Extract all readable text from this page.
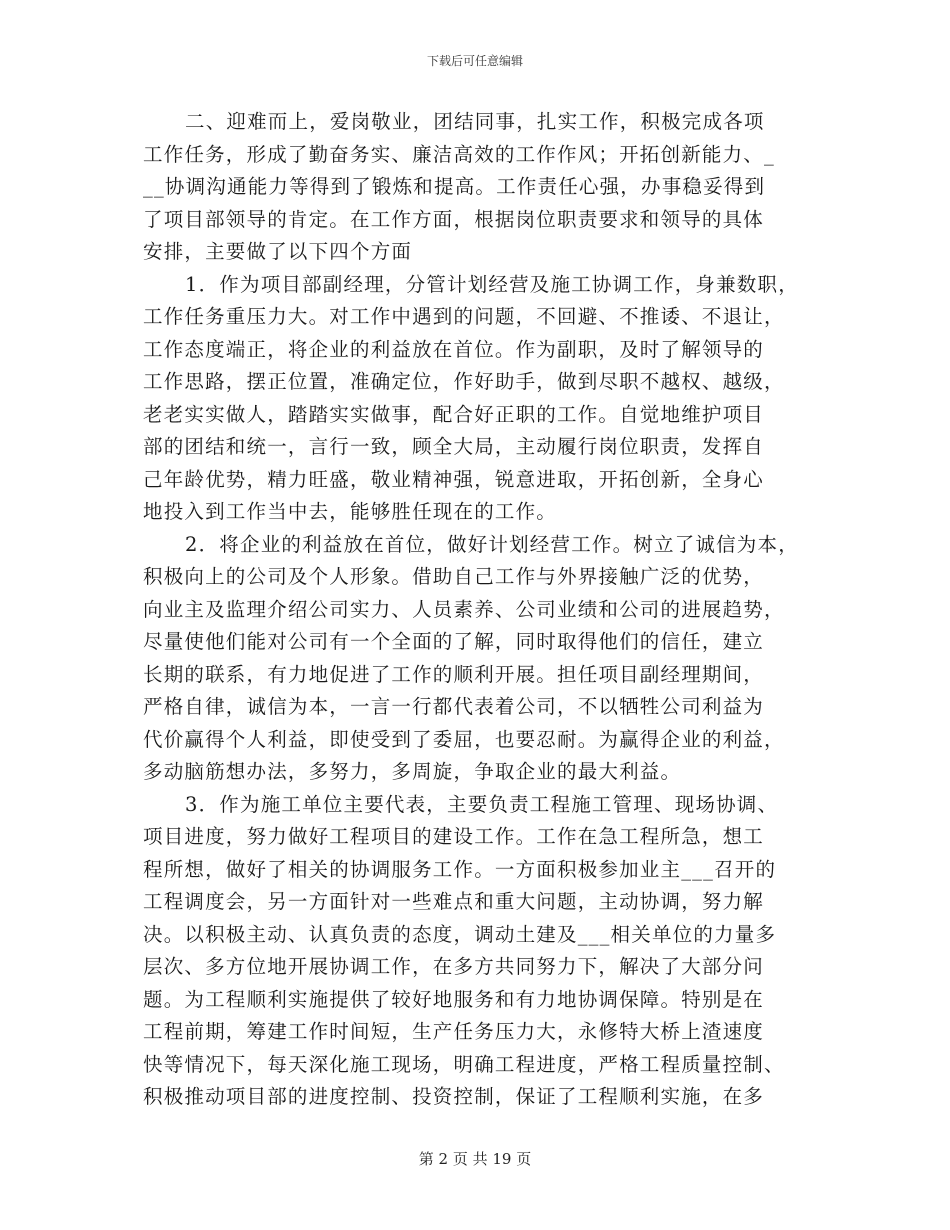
下载后可任意编辑
二、迎难而上，爱岗敬业，团结同事，扎实工作，积极完成各项
工作任务，形成了勤奋务实、廉洁高效的工作作风；开拓创新能力、_
__协调沟通能力等得到了锻炼和提高。工作责任心强，办事稳妥得到
了项目部领导的肯定。在工作方面，根据岗位职责要求和领导的具体
安排，主要做了以下四个方面
1．作为项目部副经理，分管计划经营及施工协调工作，身兼数职，
工作任务重压力大。对工作中遇到的问题，不回避、不推诿、不退让，
工作态度端正，将企业的利益放在首位。作为副职，及时了解领导的
工作思路，摆正位置，准确定位，作好助手，做到尽职不越权、越级，
老老实实做人，踏踏实实做事，配合好正职的工作。自觉地维护项目
部的团结和统一，言行一致，顾全大局，主动履行岗位职责，发挥自
己年龄优势，精力旺盛，敬业精神强，锐意进取，开拓创新，全身心
地投入到工作当中去，能够胜任现在的工作。
2．将企业的利益放在首位，做好计划经营工作。树立了诚信为本，
积极向上的公司及个人形象。借助自己工作与外界接触广泛的优势，
向业主及监理介绍公司实力、人员素养、公司业绩和公司的进展趋势，
尽量使他们能对公司有一个全面的了解，同时取得他们的信任，建立
长期的联系，有力地促进了工作的顺利开展。担任项目副经理期间，
严格自律，诚信为本，一言一行都代表着公司，不以牺牲公司利益为
代价赢得个人利益，即使受到了委屈，也要忍耐。为赢得企业的利益，
多动脑筋想办法，多努力，多周旋，争取企业的最大利益。
3．作为施工单位主要代表，主要负责工程施工管理、现场协调、
项目进度，努力做好工程项目的建设工作。工作在急工程所急，想工
程所想，做好了相关的协调服务工作。一方面积极参加业主___召开的
工程调度会，另一方面针对一些难点和重大问题，主动协调，努力解
决。以积极主动、认真负责的态度，调动土建及___相关单位的力量多
层次、多方位地开展协调工作，在多方共同努力下，解决了大部分问
题。为工程顺利实施提供了较好地服务和有力地协调保障。特别是在
工程前期，筹建工作时间短，生产任务压力大，永修特大桥上渣速度
快等情况下，每天深化施工现场，明确工程进度，严格工程质量控制、
积极推动项目部的进度控制、投资控制，保证了工程顺利实施，在多
第 2 页 共 19 页
